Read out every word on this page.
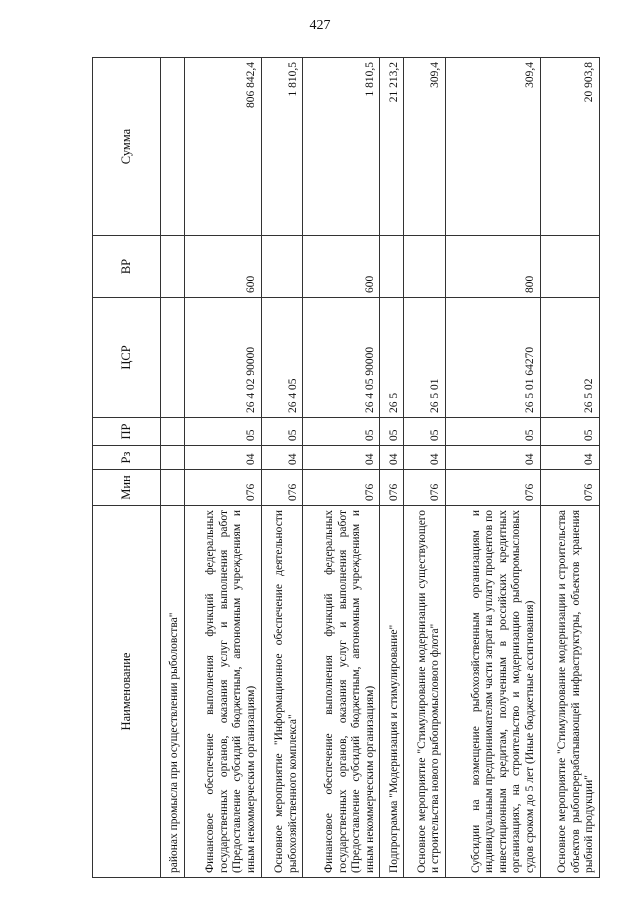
427
Наименование	Мин	Рз	ПР	ЦСР	ВР	Сумма
районах промысла при осуществлении рыболовства"						
Финансовое обеспечение выполнения функций федеральных государственных органов, оказания услуг и выполнения работ (Предоставление субсидий бюджетным, автономным учреждениям и иным некоммерческим организациям)	076	04	05	26 4 02 90000	600	806 842,4
Основное мероприятие "Информационное обеспечение деятельности рыбохозяйственного комплекса"	076	04	05	26 4 05		1 810,5
Финансовое обеспечение выполнения функций федеральных государственных органов, оказания услуг и выполнения работ (Предоставление субсидий бюджетным, автономным учреждениям и иным некоммерческим организациям)	076	04	05	26 4 05 90000	600	1 810,5
Подпрограмма "Модернизация и стимулирование"	076	04	05	26 5		21 213,2
Основное мероприятие "Стимулирование модернизации существующего и строительства нового рыбопромыслового флота"	076	04	05	26 5 01		309,4
Субсидии на возмещение рыбохозяйственным организациям и индивидуальным предпринимателям части затрат на уплату процентов по инвестиционным кредитам, полученным в российских кредитных организациях, на строительство и модернизацию рыбопромысловых судов сроком до 5 лет (Иные бюджетные ассигнования)	076	04	05	26 5 01 64270	800	309,4
Основное мероприятие "Стимулирование модернизации и строительства объектов рыбоперерабатывающей инфраструктуры, объектов хранения рыбной продукции"	076	04	05	26 5 02		20 903,8
